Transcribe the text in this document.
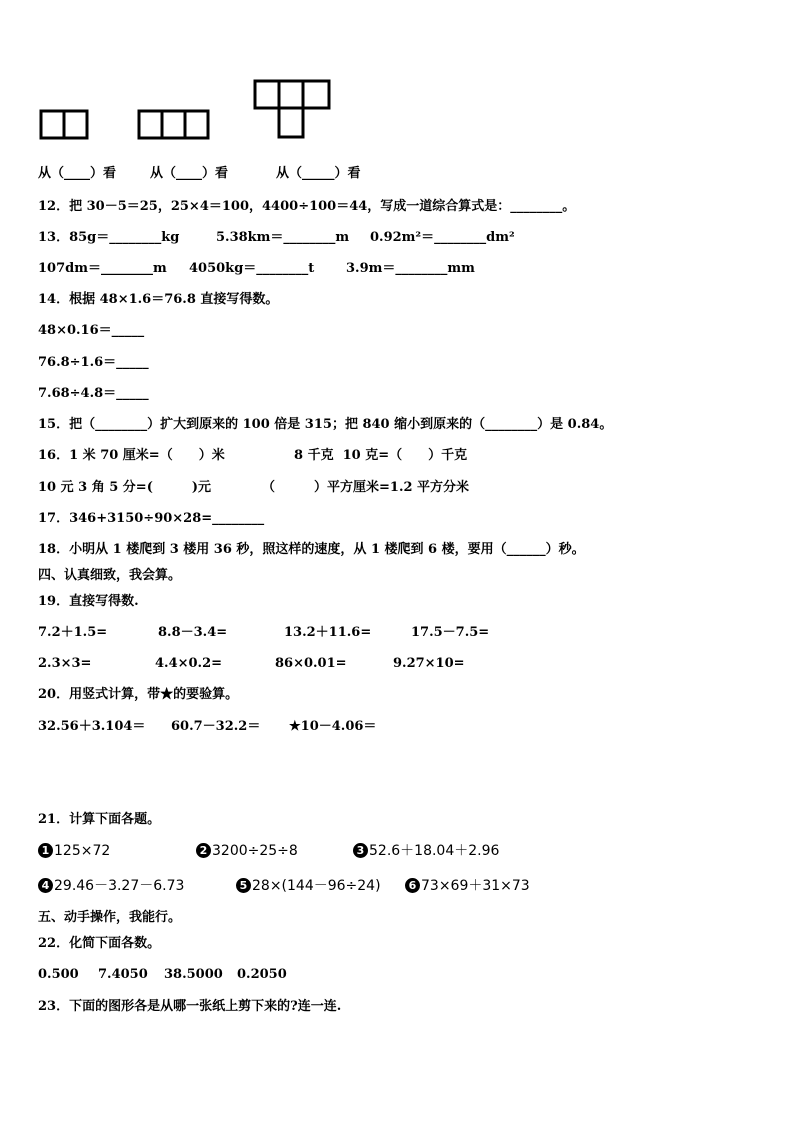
从（____）看	从（____）看	从（_____）看
12．把 30－5＝25，25×4＝100，4400÷100＝44，写成一道综合算式是：________。
13．85g＝________kg	5.38km＝________m 0.92m²＝________dm²
107dm＝________m 4050kg＝________t 3.9m＝________mm
14．根据 48×1.6＝76.8 直接写得数。
48×0.16＝_____
76.8÷1.6＝_____
7.68÷4.8＝_____
15．把（________）扩大到原来的 100 倍是 315；把 840 缩小到原来的（________）是 0.84。
16．1 米 70 厘米=（　　）米	8 千克  10 克=（　　）千克
10 元 3 角 5 分=(　　　)元	（　　　）平方厘米=1.2 平方分米
17．346+3150÷90×28=________
18．小明从 1 楼爬到 3 楼用 36 秒，照这样的速度，从 1 楼爬到 6 楼，要用（______）秒。
四、认真细致，我会算。
19．直接写得数.
7.2＋1.5=	8.8－3.4=	13.2＋11.6=	17.5－7.5=
2.3×3=	4.4×0.2=	86×0.01=	9.27×10=
20．用竖式计算，带★的要验算。
32.56＋3.104＝ 60.7－32.2＝ ★10－4.06＝
21．计算下面各题。
1 125×72	2 3200÷25÷8	3 52.6＋18.04＋2.96
4 29.46－3.27－6.73	5 28×(144－96÷24)	6 73×69＋31×73
五、动手操作，我能行。
22．化简下面各数。
0.500 7.4050 38.5000 0.2050
23．下面的图形各是从哪一张纸上剪下来的?连一连.
